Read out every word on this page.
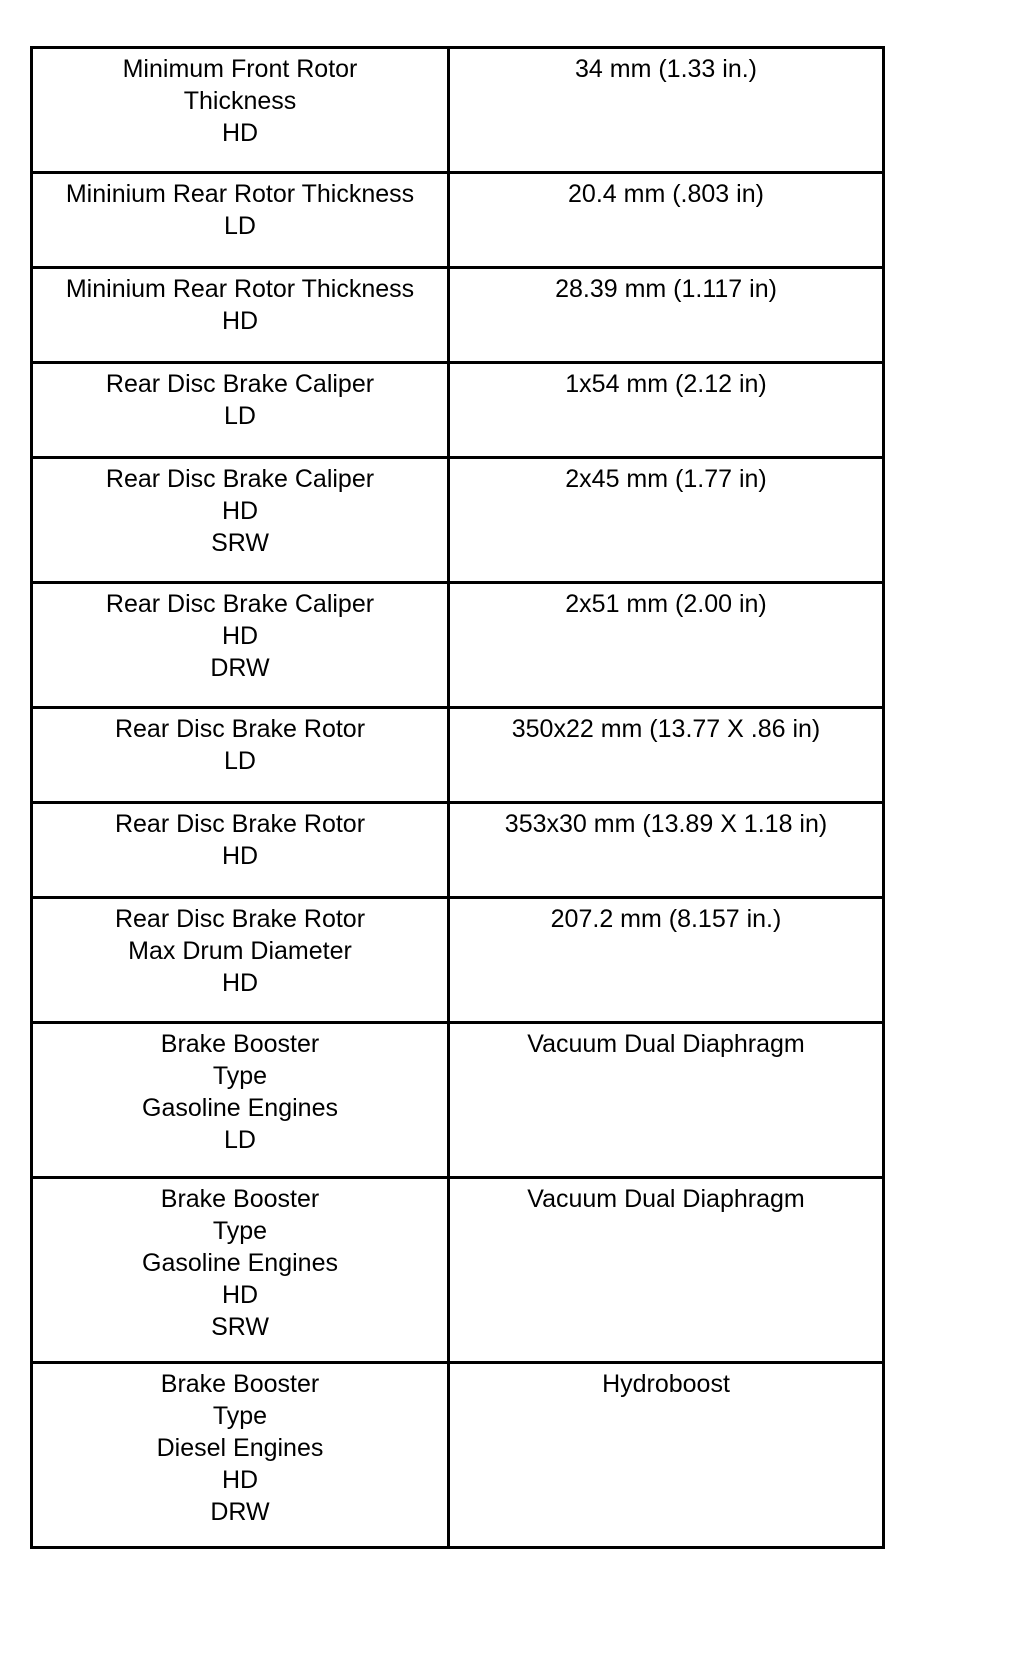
Minimum Front Rotor
Thickness
HD	34 mm (1.33 in.)

Mininium Rear Rotor Thickness
LD	20.4 mm (.803 in)

Mininium Rear Rotor Thickness
HD	28.39 mm (1.117 in)

Rear Disc Brake Caliper
LD	1x54 mm (2.12 in)

Rear Disc Brake Caliper
HD
SRW	2x45 mm (1.77 in)

Rear Disc Brake Caliper
HD
DRW	2x51 mm (2.00 in)

Rear Disc Brake Rotor
LD	350x22 mm (13.77 X .86 in)

Rear Disc Brake Rotor
HD	353x30 mm (13.89 X 1.18 in)

Rear Disc Brake Rotor
Max Drum Diameter
HD	207.2 mm (8.157 in.)

Brake Booster
Type
Gasoline Engines
LD	Vacuum Dual Diaphragm

Brake Booster
Type
Gasoline Engines
HD
SRW	Vacuum Dual Diaphragm

Brake Booster
Type
Diesel Engines
HD
DRW	Hydroboost
